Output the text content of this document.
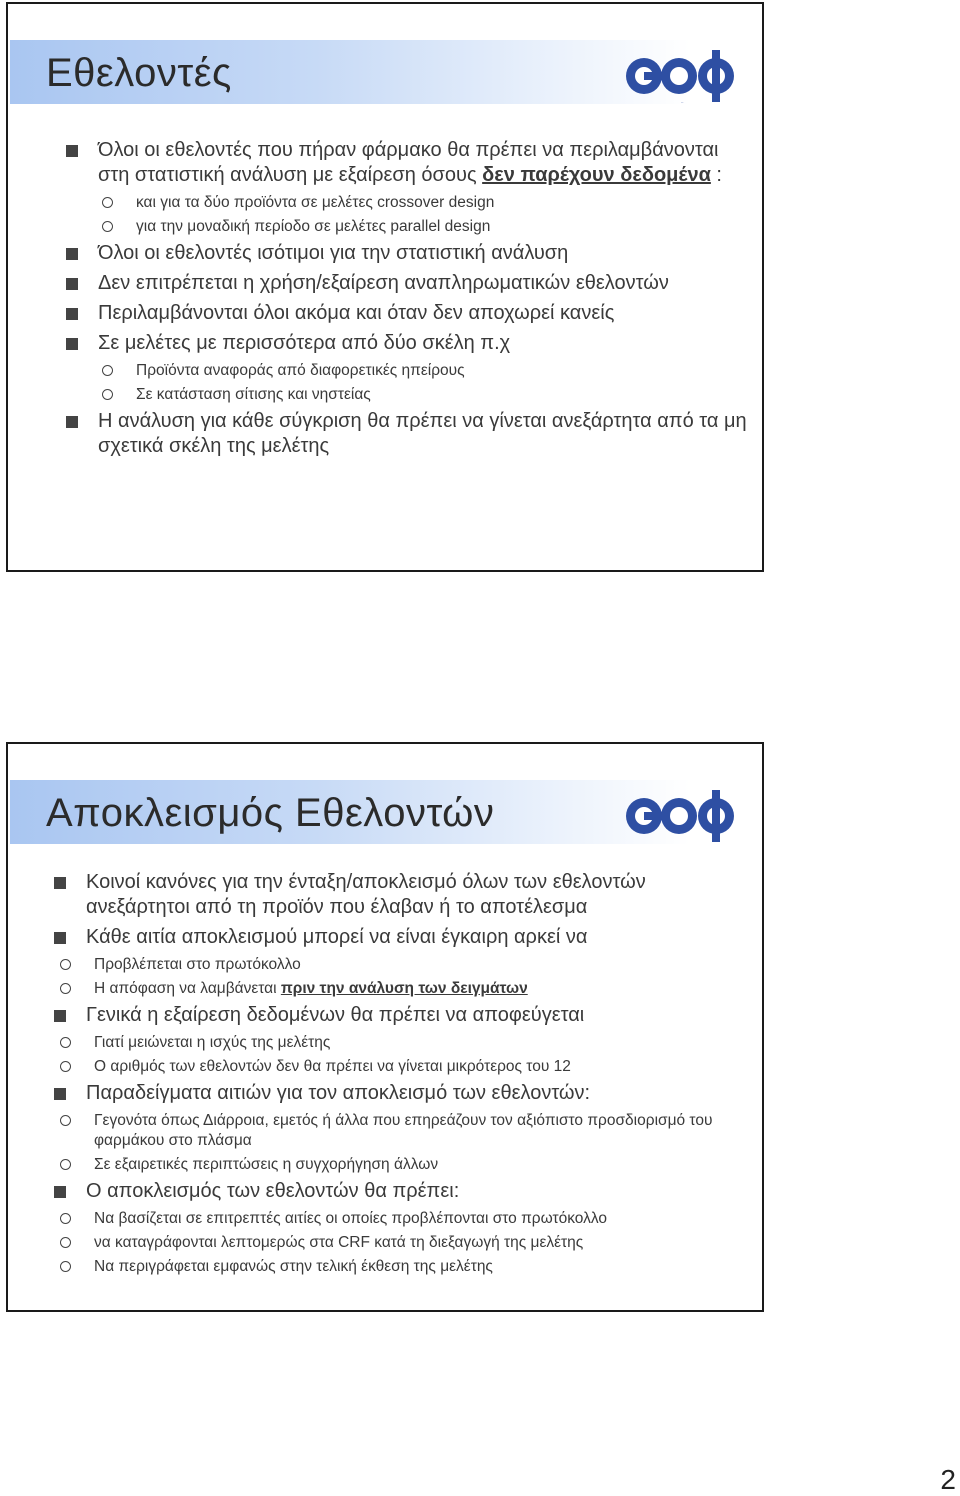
Εθελοντές
ΕΟΦ
Όλοι οι εθελοντές που πήραν φάρμακο θα πρέπει να περιλαμβάνονται στη στατιστική ανάλυση με εξαίρεση όσους δεν παρέχουν δεδομένα :
και για τα δύο προϊόντα σε μελέτες crossover design
για την μοναδική περίοδο σε μελέτες parallel design
Όλοι οι εθελοντές ισότιμοι για την στατιστική ανάλυση
Δεν επιτρέπεται η χρήση/εξαίρεση αναπληρωματικών εθελοντών
Περιλαμβάνονται όλοι ακόμα και όταν δεν αποχωρεί κανείς
Σε μελέτες με περισσότερα από δύο σκέλη π.χ
Προϊόντα αναφοράς από διαφορετικές ηπείρους
Σε κατάσταση σίτισης και νηστείας
Η ανάλυση για κάθε σύγκριση θα πρέπει να γίνεται ανεξάρτητα από τα μη σχετικά σκέλη της μελέτης
Αποκλεισμός Εθελοντών
Κοινοί κανόνες για την ένταξη/αποκλεισμό όλων των εθελοντών ανεξάρτητοι από τη προϊόν που έλαβαν ή το αποτέλεσμα
Κάθε αιτία αποκλεισμού μπορεί να είναι έγκαιρη αρκεί να
Προβλέπεται στο πρωτόκολλο
Η απόφαση να λαμβάνεται πριν την ανάλυση των δειγμάτων
Γενικά η εξαίρεση δεδομένων θα πρέπει να αποφεύγεται
Γιατί μειώνεται η ισχύς της μελέτης
Ο αριθμός των εθελοντών δεν θα πρέπει να γίνεται μικρότερος του 12
Παραδείγματα αιτιών για τον αποκλεισμό των εθελοντών:
Γεγονότα όπως Διάρροια, εμετός ή άλλα που επηρεάζουν τον αξιόπιστο προσδιορισμό του φαρμάκου στο πλάσμα
Σε εξαιρετικές περιπτώσεις η συγχορήγηση άλλων
Ο αποκλεισμός των εθελοντών θα πρέπει:
Να βασίζεται σε επιτρεπτές αιτίες οι οποίες προβλέπονται στο πρωτόκολλο
να καταγράφονται λεπτομερώς στα CRF κατά τη διεξαγωγή της μελέτης
Να περιγράφεται εμφανώς στην τελική έκθεση της μελέτης
2
